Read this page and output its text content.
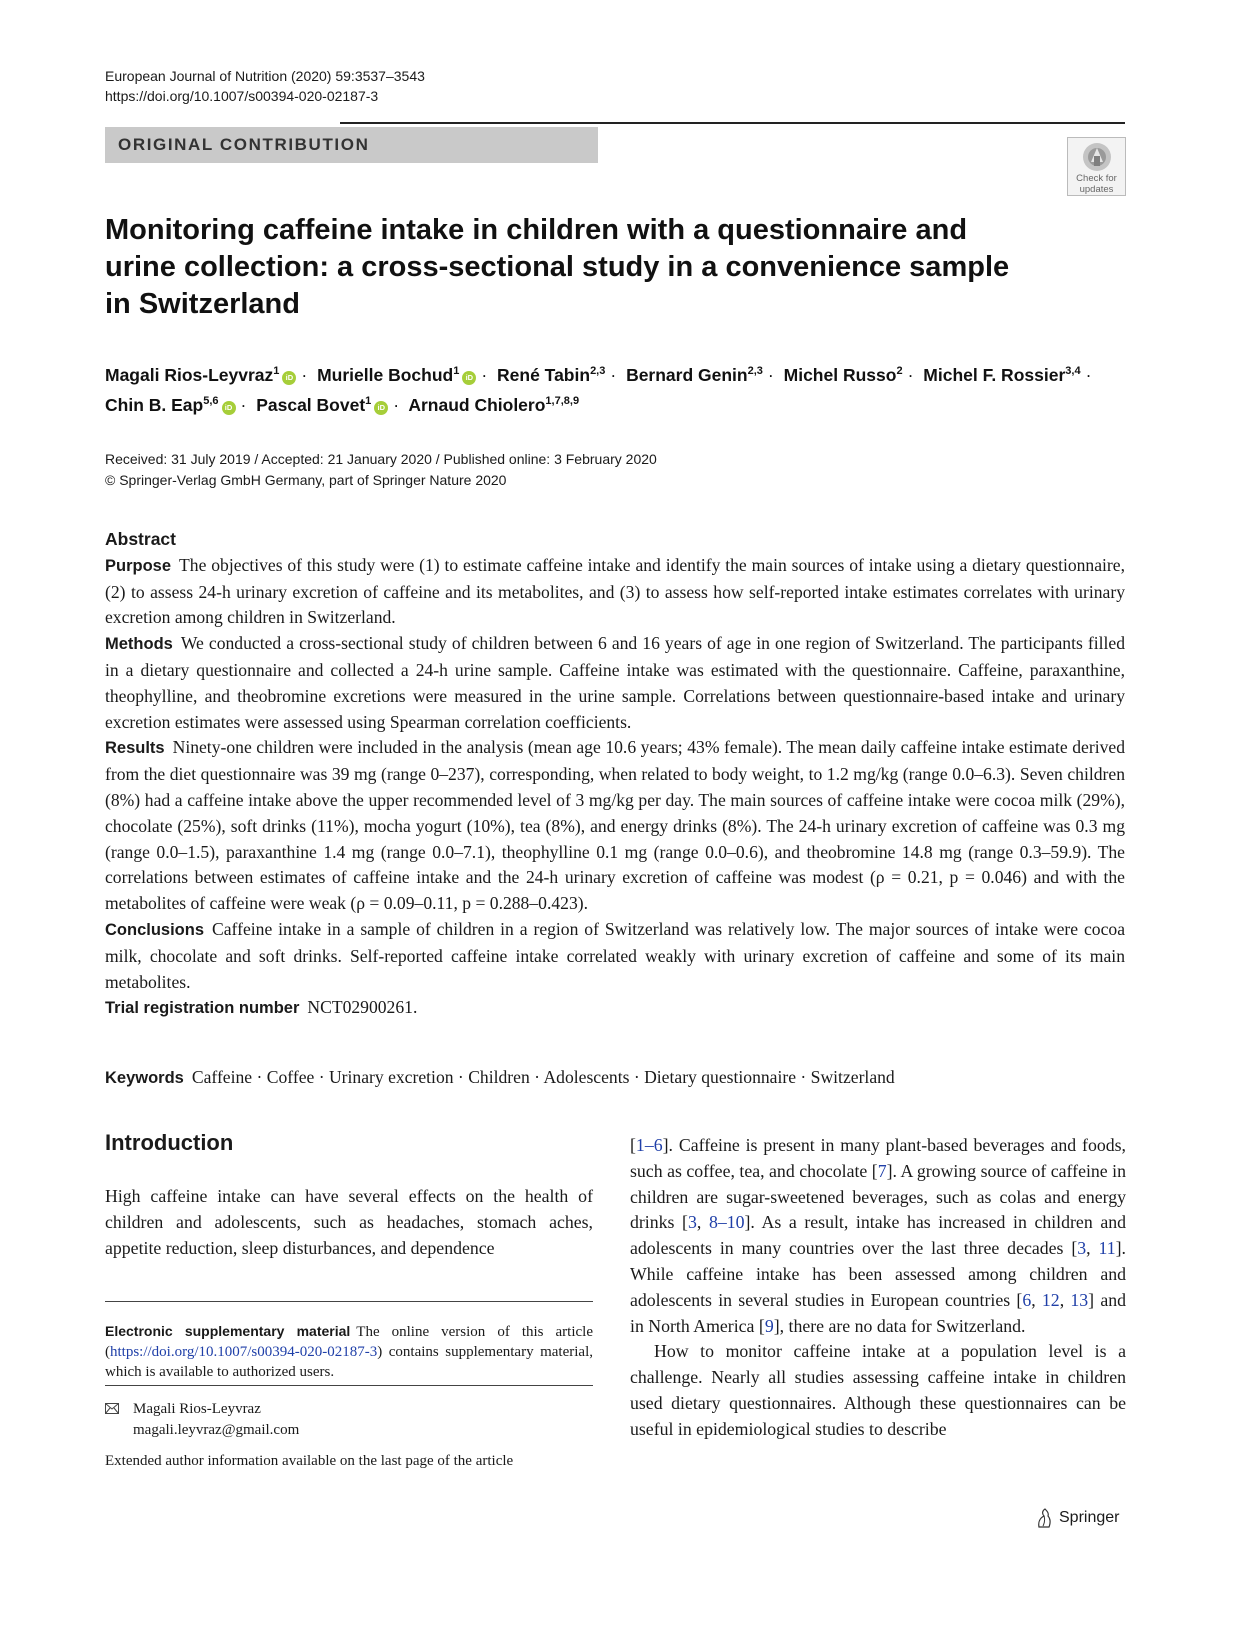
European Journal of Nutrition (2020) 59:3537–3543
https://doi.org/10.1007/s00394-020-02187-3
ORIGINAL CONTRIBUTION
Check for
updates
Monitoring caffeine intake in children with a questionnaire and urine collection: a cross-sectional study in a convenience sample in Switzerland
Magali Rios-Leyvraz$^1$iD · Murielle Bochud$^1$iD · René Tabin$^{2,3}$ · Bernard Genin$^{2,3}$ · Michel Russo$^2$ · Michel F. Rossier$^{3,4}$ · Chin B. Eap$^{5,6}$iD · Pascal Bovet$^1$iD · Arnaud Chiolero$^{1,7,8,9}$
Received: 31 July 2019 / Accepted: 21 January 2020 / Published online: 3 February 2020
© Springer-Verlag GmbH Germany, part of Springer Nature 2020
Abstract

Purpose The objectives of this study were (1) to estimate caffeine intake and identify the main sources of intake using a dietary questionnaire, (2) to assess 24-h urinary excretion of caffeine and its metabolites, and (3) to assess how self-reported intake estimates correlates with urinary excretion among children in Switzerland.

Methods We conducted a cross-sectional study of children between 6 and 16 years of age in one region of Switzerland. The participants filled in a dietary questionnaire and collected a 24-h urine sample. Caffeine intake was estimated with the questionnaire. Caffeine, paraxanthine, theophylline, and theobromine excretions were measured in the urine sample. Correlations between questionnaire-based intake and urinary excretion estimates were assessed using Spearman correlation coefficients.

Results Ninety-one children were included in the analysis (mean age 10.6 years; 43% female). The mean daily caffeine intake estimate derived from the diet questionnaire was 39 mg (range 0–237), corresponding, when related to body weight, to 1.2 mg/kg (range 0.0–6.3). Seven children (8%) had a caffeine intake above the upper recommended level of 3 mg/kg per day. The main sources of caffeine intake were cocoa milk (29%), chocolate (25%), soft drinks (11%), mocha yogurt (10%), tea (8%), and energy drinks (8%). The 24-h urinary excretion of caffeine was 0.3 mg (range 0.0–1.5), paraxanthine 1.4 mg (range 0.0–7.1), theophylline 0.1 mg (range 0.0–0.6), and theobromine 14.8 mg (range 0.3–59.9). The correlations between estimates of caffeine intake and the 24-h urinary excretion of caffeine was modest (ρ = 0.21, p = 0.046) and with the metabolites of caffeine were weak (ρ = 0.09–0.11, p = 0.288–0.423).

Conclusions Caffeine intake in a sample of children in a region of Switzerland was relatively low. The major sources of intake were cocoa milk, chocolate and soft drinks. Self-reported caffeine intake correlated weakly with urinary excretion of caffeine and some of its main metabolites.

Trial registration number NCT02900261.

Keywords Caffeine · Coffee · Urinary excretion · Children · Adolescents · Dietary questionnaire · Switzerland
Introduction

High caffeine intake can have several effects on the health of children and adolescents, such as headaches, stomach aches, appetite reduction, sleep disturbances, and dependence

Electronic supplementary material The online version of this article (https://doi.org/10.1007/s00394-020-02187-3) contains supplementary material, which is available to authorized users.
Magali Rios-Leyvraz
magali.leyvraz@gmail.com
Extended author information available on the last page of the article

[1–6]. Caffeine is present in many plant-based beverages and foods, such as coffee, tea, and chocolate [7]. A growing source of caffeine in children are sugar-sweetened beverages, such as colas and energy drinks [3, 8–10]. As a result, intake has increased in children and adolescents in many countries over the last three decades [3, 11]. While caffeine intake has been assessed among children and adolescents in several studies in European countries [6, 12, 13] and in North America [9], there are no data for Switzerland.

How to monitor caffeine intake at a population level is a challenge. Nearly all studies assessing caffeine intake in children used dietary questionnaires. Although these questionnaires can be useful in epidemiological studies to describe

Springer
